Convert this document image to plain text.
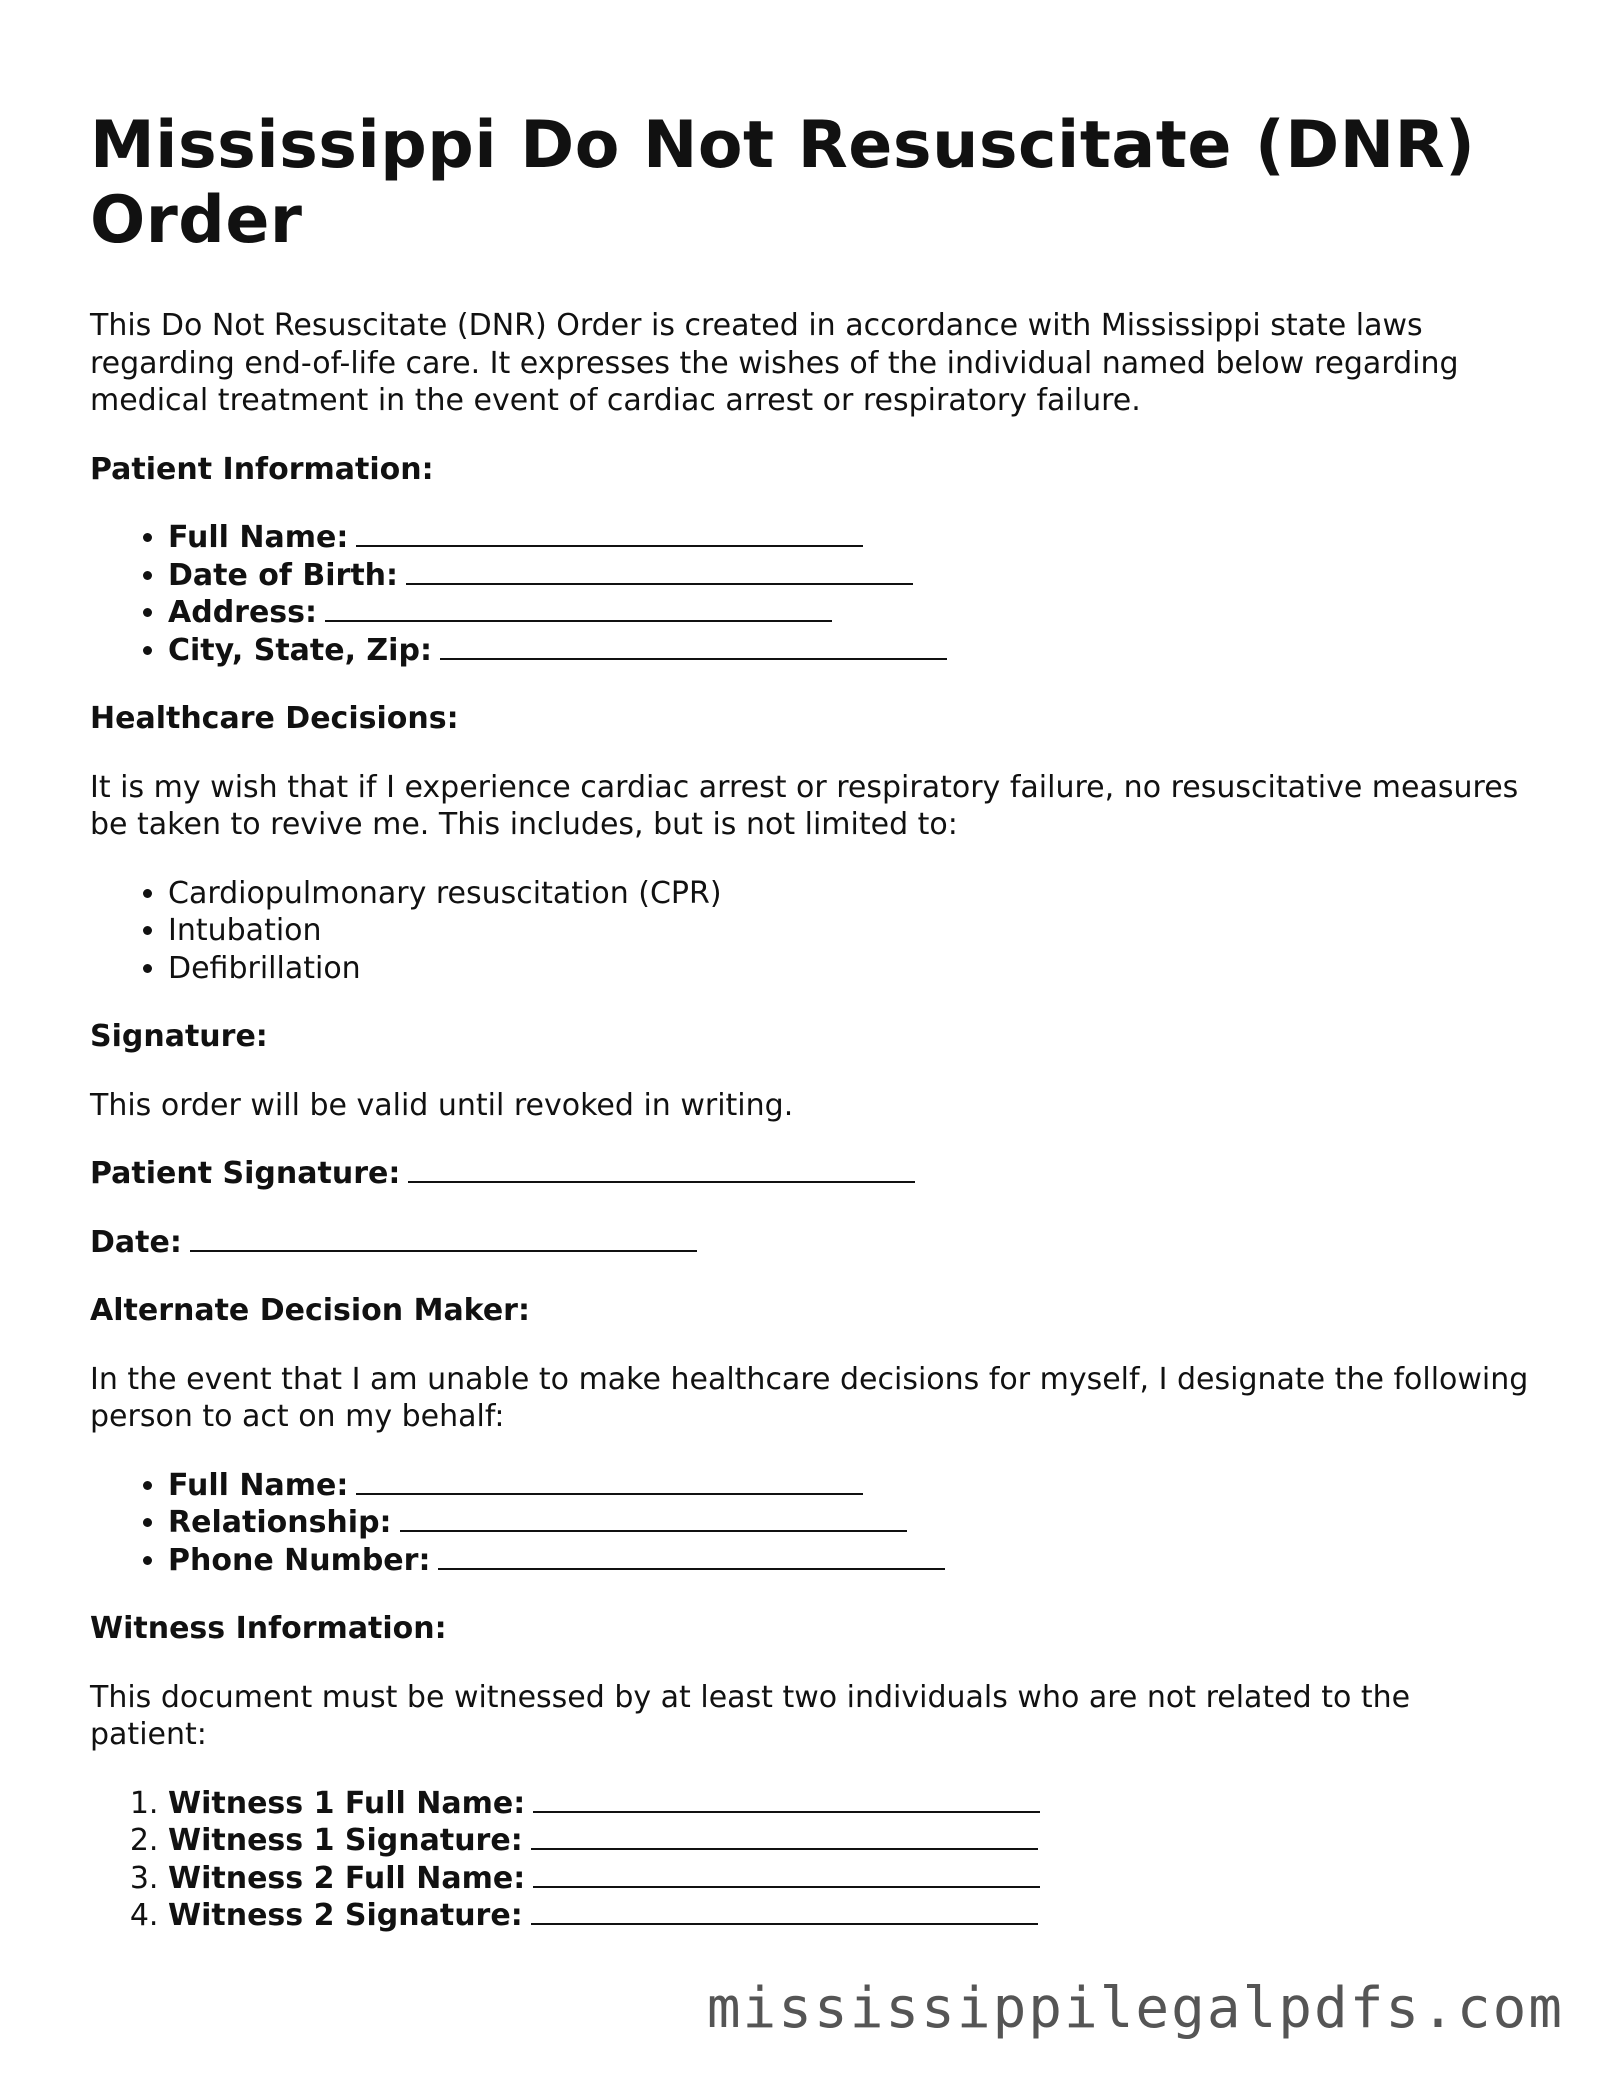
Mississippi Do Not Resuscitate (DNR) Order

This Do Not Resuscitate (DNR) Order is created in accordance with Mississippi state laws regarding end-of-life care. It expresses the wishes of the individual named below regarding medical treatment in the event of cardiac arrest or respiratory failure.

Patient Information:
• Full Name:
• Date of Birth:
• Address:
• City, State, Zip:
Healthcare Decisions:

It is my wish that if I experience cardiac arrest or respiratory failure, no resuscitative measures be taken to revive me. This includes, but is not limited to:

• Cardiopulmonary resuscitation (CPR)
• Intubation
• Defibrillation
Signature:

This order will be valid until revoked in writing.

Patient Signature:

Date:

Alternate Decision Maker:

In the event that I am unable to make healthcare decisions for myself, I designate the following person to act on my behalf:

• Full Name:
• Relationship:
• Phone Number:
Witness Information:

This document must be witnessed by at least two individuals who are not related to the patient:

1. Witness 1 Full Name:
2. Witness 1 Signature:
3. Witness 2 Full Name:
4. Witness 2 Signature:
mississippilegalpdfs.com
